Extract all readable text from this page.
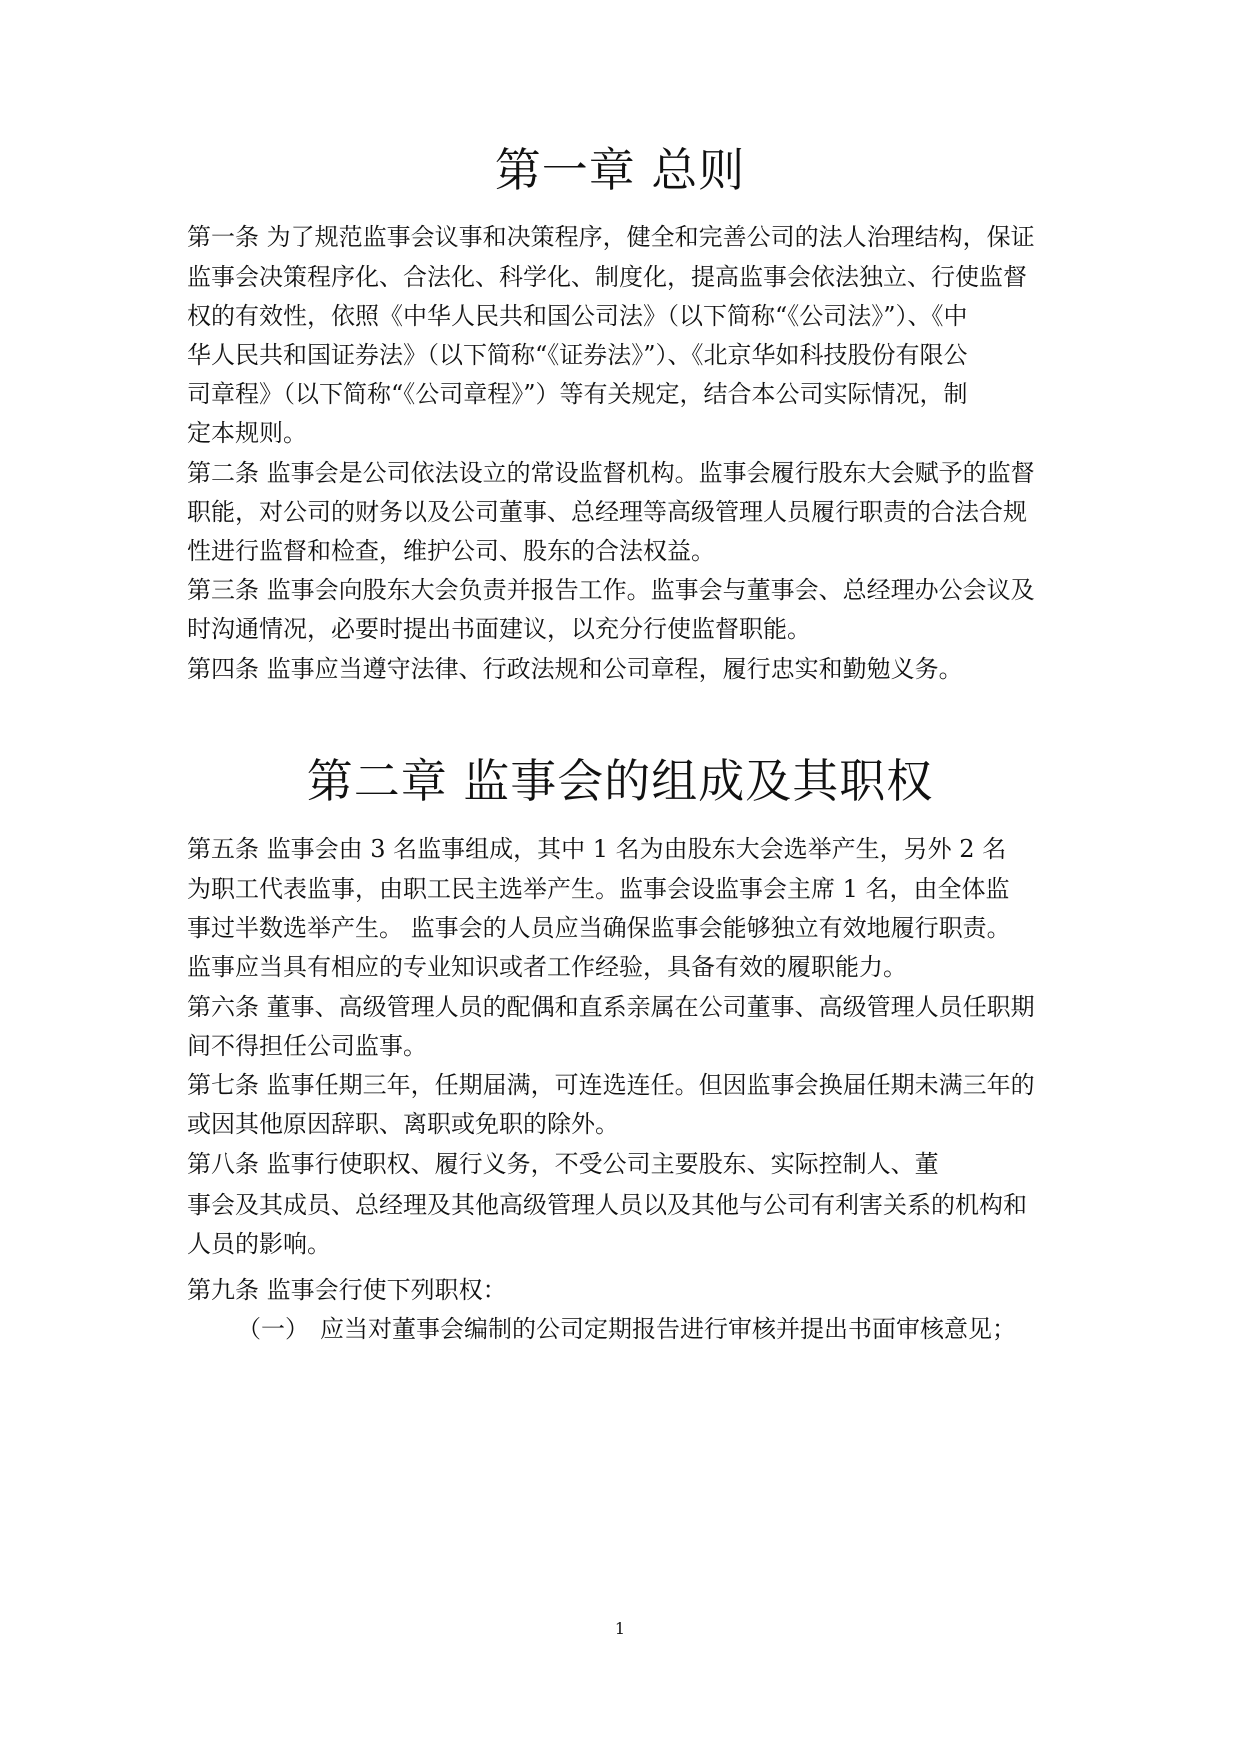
第一章 总则

第一条 为了规范监事会议事和决策程序，健全和完善公司的法人治理结构，保证

监事会决策程序化、合法化、科学化、制度化，提高监事会依法独立、行使监督

权的有效性，依照《中华人民共和国公司法》（以下简称“《公司法》”）、《中

华人民共和国证券法》（以下简称“《证券法》”）、《北京华如科技股份有限公

司章程》（以下简称“《公司章程》”）等有关规定，结合本公司实际情况，制

定本规则。

第二条 监事会是公司依法设立的常设监督机构。监事会履行股东大会赋予的监督

职能，对公司的财务以及公司董事、总经理等高级管理人员履行职责的合法合规

性进行监督和检查，维护公司、股东的合法权益。

第三条 监事会向股东大会负责并报告工作。监事会与董事会、总经理办公会议及

时沟通情况，必要时提出书面建议，以充分行使监督职能。

第四条 监事应当遵守法律、行政法规和公司章程，履行忠实和勤勉义务。

第二章 监事会的组成及其职权

第五条 监事会由 3 名监事组成，其中 1 名为由股东大会选举产生，另外 2 名

为职工代表监事，由职工民主选举产生。监事会设监事会主席 1 名，由全体监

事过半数选举产生。 监事会的人员应当确保监事会能够独立有效地履行职责。

监事应当具有相应的专业知识或者工作经验，具备有效的履职能力。

第六条 董事、高级管理人员的配偶和直系亲属在公司董事、高级管理人员任职期

间不得担任公司监事。

第七条 监事任期三年，任期届满，可连选连任。但因监事会换届任期未满三年的

或因其他原因辞职、离职或免职的除外。

第八条 监事行使职权、履行义务，不受公司主要股东、实际控制人、董

事会及其成员、总经理及其他高级管理人员以及其他与公司有利害关系的机构和

人员的影响。

第九条 监事会行使下列职权：

（一） 应当对董事会编制的公司定期报告进行审核并提出书面审核意见；

1
